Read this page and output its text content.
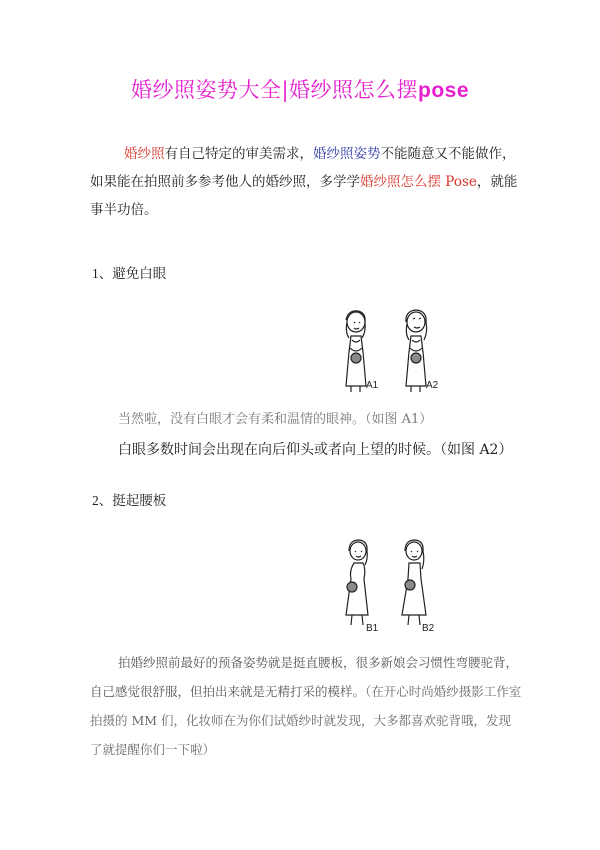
婚纱照姿势大全|婚纱照怎么摆pose
婚纱照有自己特定的审美需求，婚纱照姿势不能随意又不能做作，如果能在拍照前多参考他人的婚纱照，多学学婚纱照怎么摆 Pose，就能事半功倍。
1、避免白眼
A1	A2
当然啦，没有白眼才会有柔和温情的眼神。（如图 A1）
白眼多数时间会出现在向后仰头或者向上望的时候。（如图 A2）
2、挺起腰板
B1	B2
拍婚纱照前最好的预备姿势就是挺直腰板，很多新娘会习惯性弯腰驼背，自己感觉很舒服，但拍出来就是无精打采的模样。（在开心时尚婚纱摄影工作室拍摄的 MM 们，化妆师在为你们试婚纱时就发现，大多都喜欢驼背哦，发现了就提醒你们一下啦）
